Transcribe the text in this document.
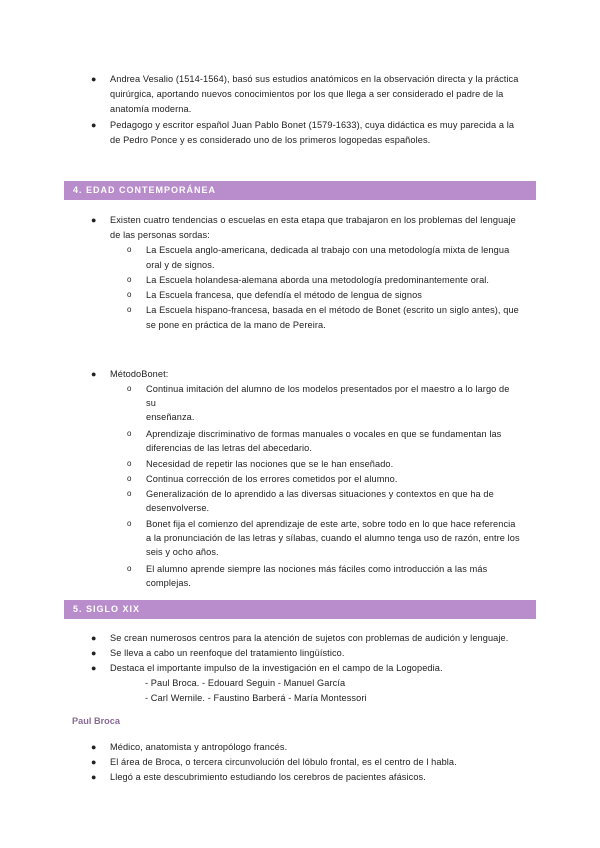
● Andrea Vesalio (1514-1564), basó sus estudios anatómicos en la observación directa y la práctica
quirúrgica, aportando nuevos conocimientos por los que llega a ser considerado el padre de la
anatomía moderna.
● Pedagogo y escritor español Juan Pablo Bonet (1579-1633), cuya didáctica es muy parecida a la
de Pedro Ponce y es considerado uno de los primeros logopedas españoles.
4. EDAD CONTEMPORÁNEA
● Existen cuatro tendencias o escuelas en esta etapa que trabajaron en los problemas del lenguaje
de las personas sordas:
o La Escuela anglo-americana, dedicada al trabajo con una metodología mixta de lengua
oral y de signos.
o La Escuela holandesa-alemana aborda una metodología predominantemente oral.
o La Escuela francesa, que defendía el método de lengua de signos
o La Escuela hispano-francesa, basada en el método de Bonet (escrito un siglo antes), que
se pone en práctica de la mano de Pereira.
● MétodoBonet:
o Continua imitación del alumno de los modelos presentados por el maestro a lo largo de
su
enseñanza.
o Aprendizaje discriminativo de formas manuales o vocales en que se fundamentan las
diferencias de las letras del abecedario.
o Necesidad de repetir las nociones que se le han enseñado.
o Continua corrección de los errores cometidos por el alumno.
o Generalización de lo aprendido a las diversas situaciones y contextos en que ha de
desenvolverse.
o Bonet fija el comienzo del aprendizaje de este arte, sobre todo en lo que hace referencia
a la pronunciación de las letras y sílabas, cuando el alumno tenga uso de razón, entre los
seis y ocho años.
o El alumno aprende siempre las nociones más fáciles como introducción a las más
complejas.
5. SIGLO XIX
● Se crean numerosos centros para la atención de sujetos con problemas de audición y lenguaje.
● Se lleva a cabo un reenfoque del tratamiento lingüístico.
● Destaca el importante impulso de la investigación en el campo de la Logopedia.
- Paul Broca. - Edouard Seguin - Manuel García
- Carl Wernile. - Faustino Barberá - María Montessori
Paul Broca
● Médico, anatomista y antropólogo francés.
● El área de Broca, o tercera circunvolución del lóbulo frontal, es el centro de l habla.
● Llegó a este descubrimiento estudiando los cerebros de pacientes afásicos.
